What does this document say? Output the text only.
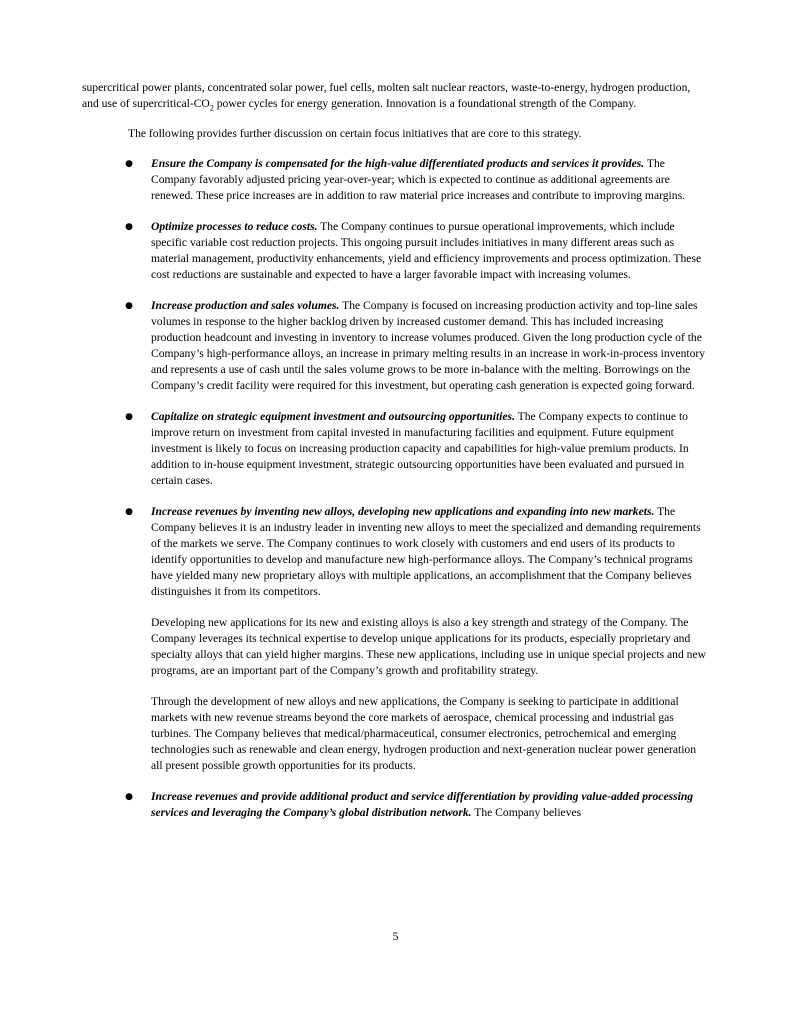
supercritical power plants, concentrated solar power, fuel cells, molten salt nuclear reactors, waste-to-energy, hydrogen production, and use of supercritical-$CO_2$ power cycles for energy generation. Innovation is a foundational strength of the Company.

The following provides further discussion on certain focus initiatives that are core to this strategy.

● Ensure the Company is compensated for the high-value differentiated products and services it provides. The Company favorably adjusted pricing year-over-year; which is expected to continue as additional agreements are renewed. These price increases are in addition to raw material price increases and contribute to improving margins.
● Optimize processes to reduce costs. The Company continues to pursue operational improvements, which include specific variable cost reduction projects. This ongoing pursuit includes initiatives in many different areas such as material management, productivity enhancements, yield and efficiency improvements and process optimization. These cost reductions are sustainable and expected to have a larger favorable impact with increasing volumes.
● Increase production and sales volumes. The Company is focused on increasing production activity and top-line sales volumes in response to the higher backlog driven by increased customer demand. This has included increasing production headcount and investing in inventory to increase volumes produced. Given the long production cycle of the Company’s high-performance alloys, an increase in primary melting results in an increase in work-in-process inventory and represents a use of cash until the sales volume grows to be more in-balance with the melting. Borrowings on the Company’s credit facility were required for this investment, but operating cash generation is expected going forward.
● Capitalize on strategic equipment investment and outsourcing opportunities. The Company expects to continue to improve return on investment from capital invested in manufacturing facilities and equipment. Future equipment investment is likely to focus on increasing production capacity and capabilities for high-value premium products. In addition to in-house equipment investment, strategic outsourcing opportunities have been evaluated and pursued in certain cases.
● Increase revenues by inventing new alloys, developing new applications and expanding into new markets. The Company believes it is an industry leader in inventing new alloys to meet the specialized and demanding requirements of the markets we serve. The Company continues to work closely with customers and end users of its products to identify opportunities to develop and manufacture new high-performance alloys. The Company’s technical programs have yielded many new proprietary alloys with multiple applications, an accomplishment that the Company believes distinguishes it from its competitors.

Developing new applications for its new and existing alloys is also a key strength and strategy of the Company. The Company leverages its technical expertise to develop unique applications for its products, especially proprietary and specialty alloys that can yield higher margins. These new applications, including use in unique special projects and new programs, are an important part of the Company’s growth and profitability strategy.

Through the development of new alloys and new applications, the Company is seeking to participate in additional markets with new revenue streams beyond the core markets of aerospace, chemical processing and industrial gas turbines. The Company believes that medical/pharmaceutical, consumer electronics, petrochemical and emerging technologies such as renewable and clean energy, hydrogen production and next-generation nuclear power generation all present possible growth opportunities for its products.

● Increase revenues and provide additional product and service differentiation by providing value-added processing services and leveraging the Company’s global distribution network. The Company believes
5
